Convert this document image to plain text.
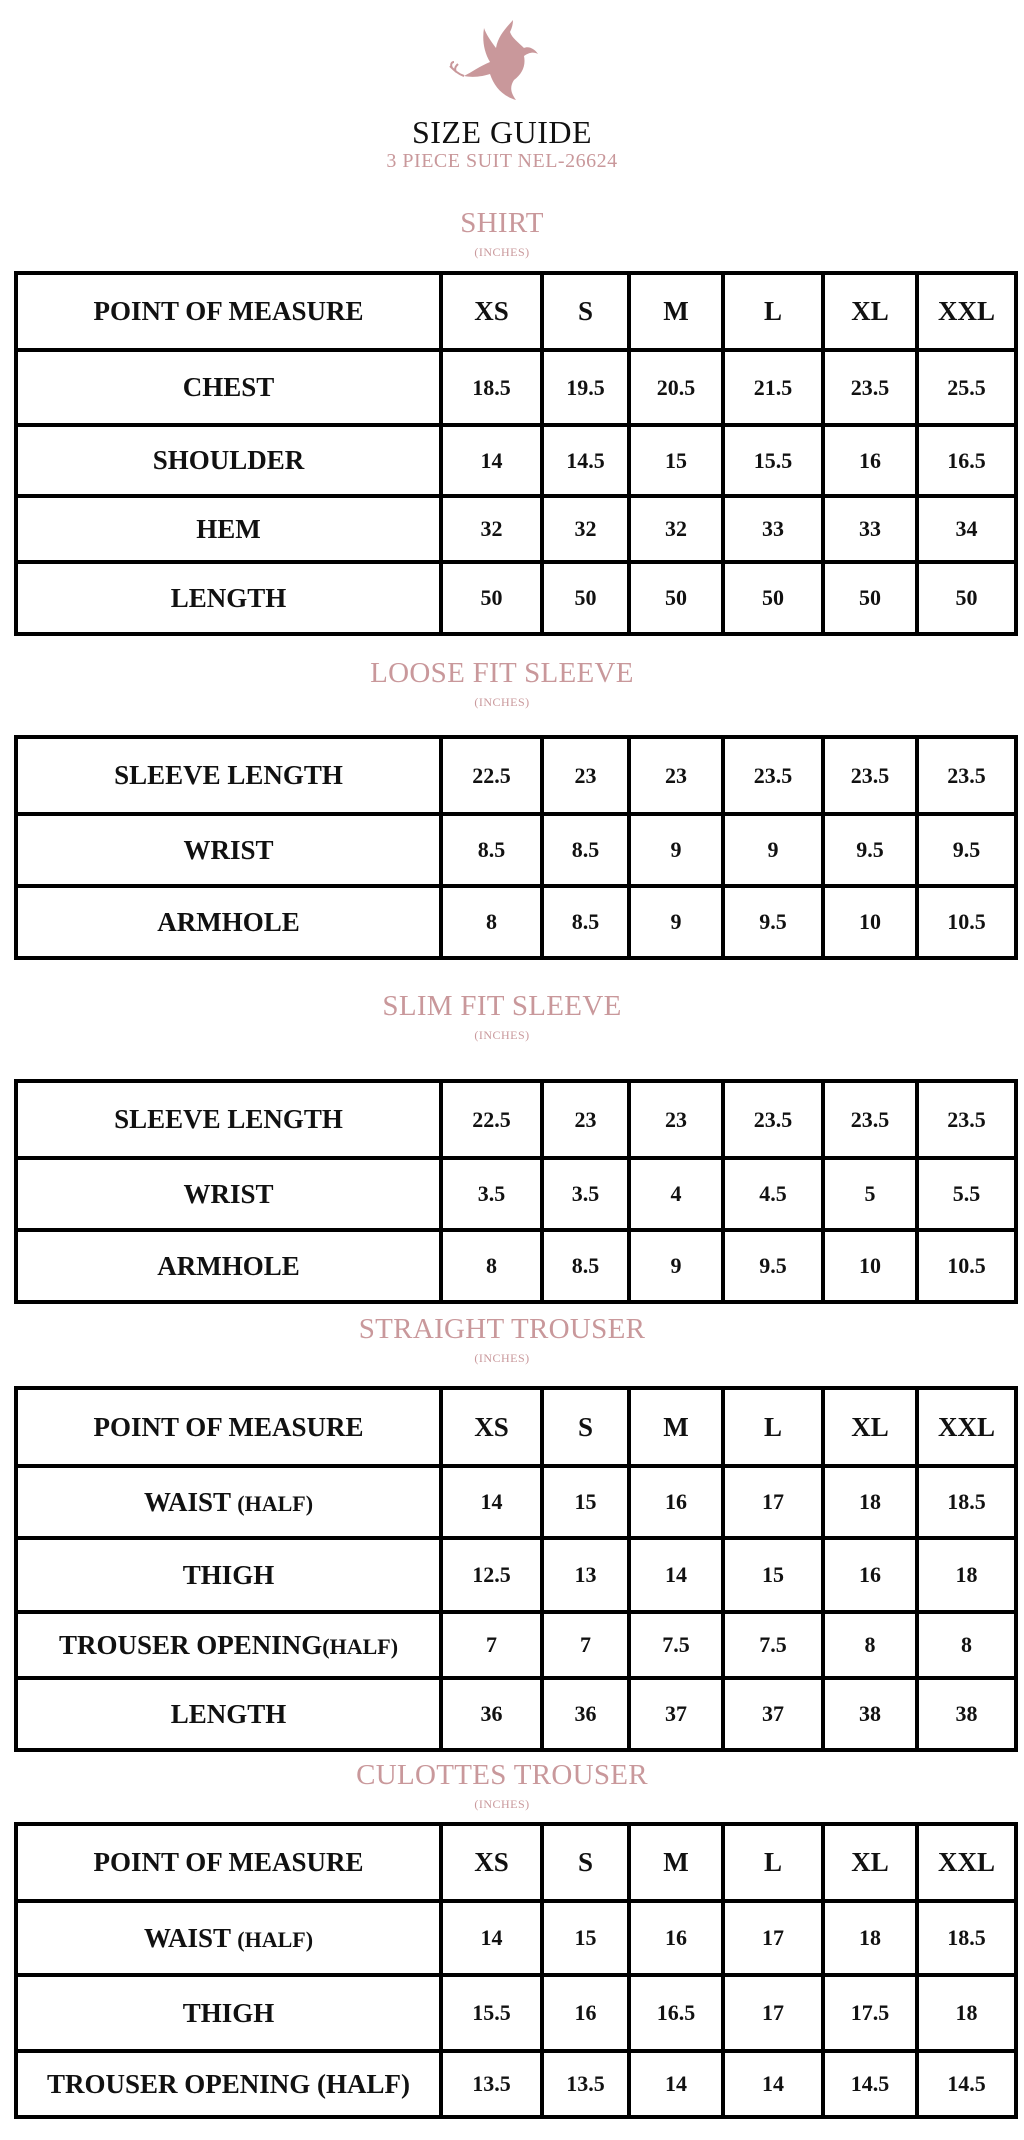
SIZE GUIDE
3 PIECE SUIT NEL-26624
SHIRT
(INCHES)
POINT OF MEASURE	XS	S	M	L	XL	XXL
CHEST	18.5	19.5	20.5	21.5	23.5	25.5
SHOULDER	14	14.5	15	15.5	16	16.5
HEM	32	32	32	33	33	34
LENGTH	50	50	50	50	50	50
LOOSE FIT SLEEVE
(INCHES)
SLEEVE LENGTH	22.5	23	23	23.5	23.5	23.5
WRIST	8.5	8.5	9	9	9.5	9.5
ARMHOLE	8	8.5	9	9.5	10	10.5
SLIM FIT SLEEVE
(INCHES)
SLEEVE LENGTH	22.5	23	23	23.5	23.5	23.5
WRIST	3.5	3.5	4	4.5	5	5.5
ARMHOLE	8	8.5	9	9.5	10	10.5
STRAIGHT TROUSER
(INCHES)
POINT OF MEASURE	XS	S	M	L	XL	XXL
WAIST (HALF)	14	15	16	17	18	18.5
THIGH	12.5	13	14	15	16	18
TROUSER OPENING(HALF)	7	7	7.5	7.5	8	8
LENGTH	36	36	37	37	38	38
CULOTTES TROUSER
(INCHES)
POINT OF MEASURE	XS	S	M	L	XL	XXL
WAIST (HALF)	14	15	16	17	18	18.5
THIGH	15.5	16	16.5	17	17.5	18
TROUSER OPENING (HALF)	13.5	13.5	14	14	14.5	14.5
